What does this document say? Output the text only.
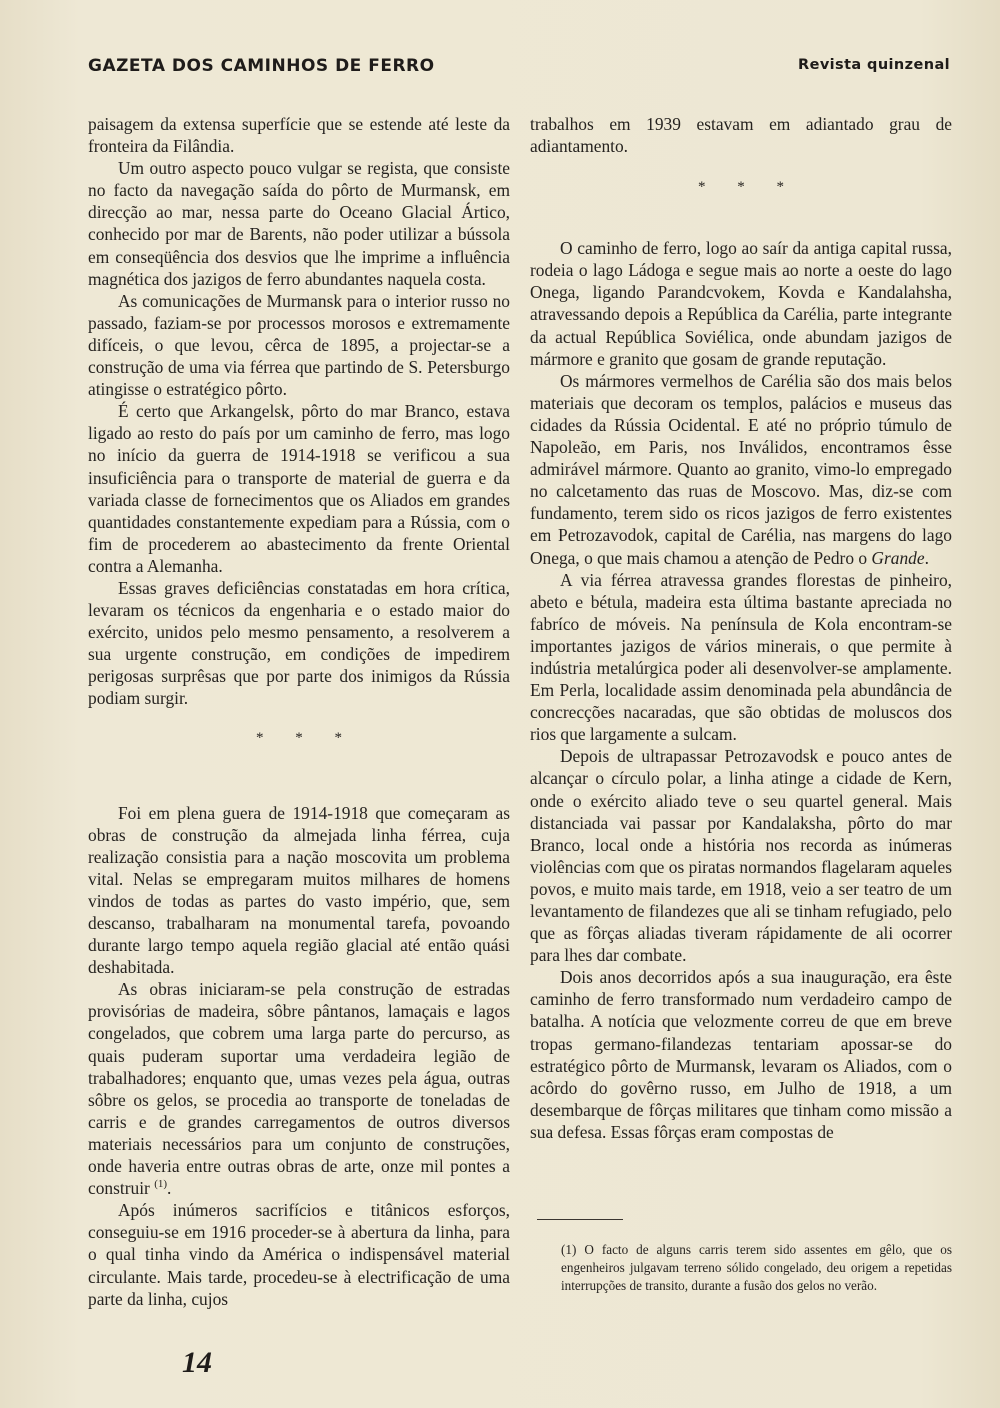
GAZETA DOS CAMINHOS DE FERRO	Revista quinzenal

paisagem da extensa superfície que se estende até leste da fronteira da Filândia.

Um outro aspecto pouco vulgar se regista, que consiste no facto da navegação saída do pôrto de Murmansk, em direcção ao mar, nessa parte do Oceano Glacial Ártico, conhecido por mar de Barents, não poder utilizar a bússola em conseqüência dos desvios que lhe imprime a influência magnética dos jazigos de ferro abundantes naquela costa.

As comunicações de Murmansk para o interior russo no passado, faziam-se por processos morosos e extremamente difíceis, o que levou, cêrca de 1895, a projectar-se a construção de uma via férrea que partindo de S. Petersburgo atingisse o estratégico pôrto.

É certo que Arkangelsk, pôrto do mar Branco, estava ligado ao resto do país por um caminho de ferro, mas logo no início da guerra de 1914-1918 se verificou a sua insuficiência para o transporte de material de guerra e da variada classe de fornecimentos que os Aliados em grandes quantidades constantemente expediam para a Rússia, com o fim de procederem ao abastecimento da frente Oriental contra a Alemanha.

Essas graves deficiências constatadas em hora crítica, levaram os técnicos da engenharia e o estado maior do exército, unidos pelo mesmo pensamento, a resolverem a sua urgente construção, em condições de impedirem perigosas surprêsas que por parte dos inimigos da Rússia podiam surgir.

* * *

Foi em plena guera de 1914-1918 que começaram as obras de construção da almejada linha férrea, cuja realização consistia para a nação moscovita um problema vital. Nelas se empregaram muitos milhares de homens vindos de todas as partes do vasto império, que, sem descanso, trabalharam na monumental tarefa, povoando durante largo tempo aquela região glacial até então quási deshabitada.

As obras iniciaram-se pela construção de estradas provisórias de madeira, sôbre pântanos, lamaçais e lagos congelados, que cobrem uma larga parte do percurso, as quais puderam suportar uma verdadeira legião de trabalhadores; enquanto que, umas vezes pela água, outras sôbre os gelos, se procedia ao transporte de toneladas de carris e de grandes carregamentos de outros diversos materiais necessários para um conjunto de construções, onde haveria entre outras obras de arte, onze mil pontes a construir $^{(1)}$.

Após inúmeros sacrifícios e titânicos esforços, conseguiu-se em 1916 proceder-se à abertura da linha, para o qual tinha vindo da América o indispensável material circulante. Mais tarde, procedeu-se à electrificação de uma parte da linha, cujos

trabalhos em 1939 estavam em adiantado grau de adiantamento.

* * *

O caminho de ferro, logo ao saír da antiga capital russa, rodeia o lago Ládoga e segue mais ao norte a oeste do lago Onega, ligando Parandcvokem, Kovda e Kandalahsha, atravessando depois a República da Carélia, parte integrante da actual República Soviélica, onde abundam jazigos de mármore e granito que gosam de grande reputação.

Os mármores vermelhos de Carélia são dos mais belos materiais que decoram os templos, palácios e museus das cidades da Rússia Ocidental. E até no próprio túmulo de Napoleão, em Paris, nos Inválidos, encontramos êsse admirável mármore. Quanto ao granito, vimo-lo empregado no calcetamento das ruas de Moscovo. Mas, diz-se com fundamento, terem sido os ricos jazigos de ferro existentes em Petrozavodok, capital de Carélia, nas margens do lago Onega, o que mais chamou a atenção de Pedro o Grande.

A via férrea atravessa grandes florestas de pinheiro, abeto e bétula, madeira esta última bastante apreciada no fabríco de móveis. Na península de Kola encontram-se importantes jazigos de vários minerais, o que permite à indústria metalúrgica poder ali desenvolver-se amplamente. Em Perla, localidade assim denominada pela abundância de concrecções nacaradas, que são obtidas de moluscos dos rios que largamente a sulcam.

Depois de ultrapassar Petrozavodsk e pouco antes de alcançar o círculo polar, a linha atinge a cidade de Kern, onde o exército aliado teve o seu quartel general. Mais distanciada vai passar por Kandalaksha, pôrto do mar Branco, local onde a história nos recorda as inúmeras violências com que os piratas normandos flagelaram aqueles povos, e muito mais tarde, em 1918, veio a ser teatro de um levantamento de filandezes que ali se tinham refugiado, pelo que as fôrças aliadas tiveram rápidamente de ali ocorrer para lhes dar combate.

Dois anos decorridos após a sua inauguração, era êste caminho de ferro transformado num verdadeiro campo de batalha. A notícia que velozmente correu de que em breve tropas germano-filandezas tentariam apossar-se do estratégico pôrto de Murmansk, levaram os Aliados, com o acôrdo do govêrno russo, em Julho de 1918, a um desembarque de fôrças militares que tinham como missão a sua defesa. Essas fôrças eram compostas de

(1) O facto de alguns carris terem sido assentes em gêlo, que os engenheiros julgavam terreno sólido congelado, deu origem a repetidas interrupções de transito, durante a fusão dos gelos no verão.
14
